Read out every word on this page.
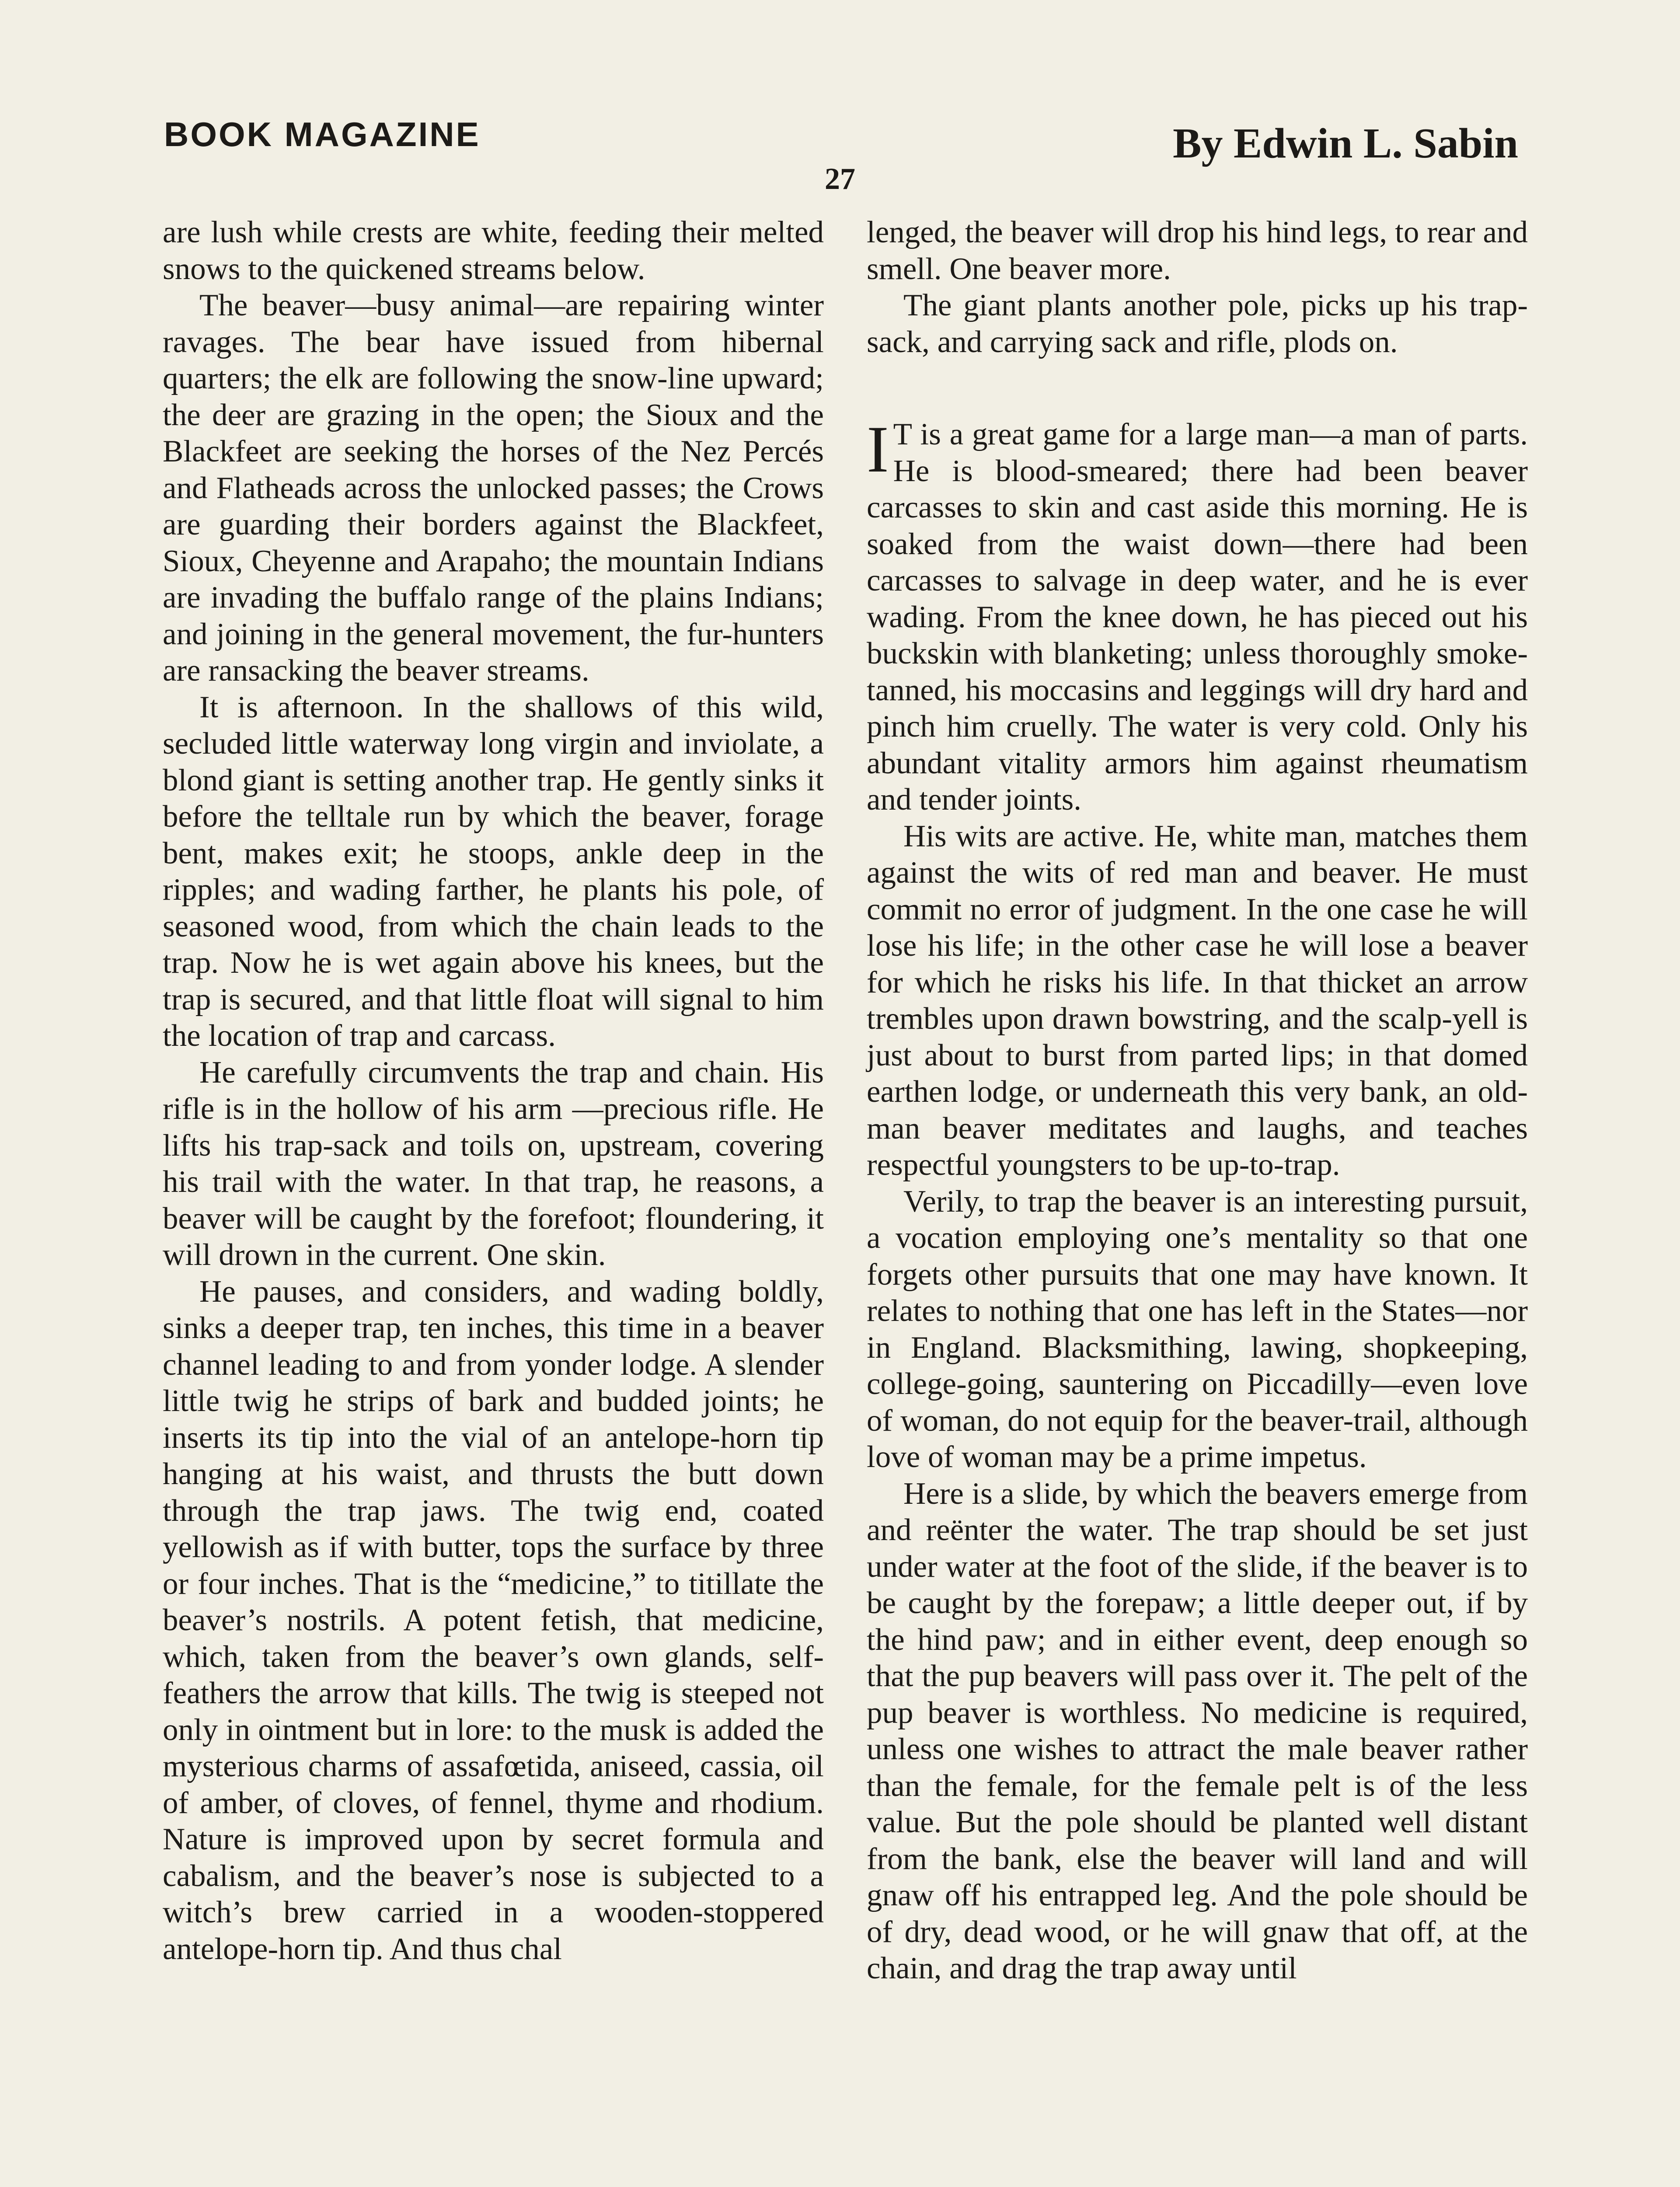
BOOK MAGAZINE	By Edwin L. Sabin
27

are lush while crests are white, feeding their melted snows to the quickened streams below.

The beaver—busy animal—are repairing winter ravages. The bear have issued from hibernal quarters; the elk are following the snow-line upward; the deer are grazing in the open; the Sioux and the Blackfeet are seeking the horses of the Nez Percés and Flatheads across the unlocked passes; the Crows are guarding their borders against the Blackfeet, Sioux, Cheyenne and Arapaho; the mountain Indians are invading the buffalo range of the plains Indians; and joining in the general movement, the fur-hunters are ransacking the beaver streams.

It is afternoon. In the shallows of this wild, secluded little waterway long virgin and inviolate, a blond giant is setting another trap. He gently sinks it before the telltale run by which the beaver, forage bent, makes exit; he stoops, ankle deep in the ripples; and wading farther, he plants his pole, of seasoned wood, from which the chain leads to the trap. Now he is wet again above his knees, but the trap is secured, and that little float will signal to him the location of trap and carcass.

He carefully circumvents the trap and chain. His rifle is in the hollow of his arm —precious rifle. He lifts his trap-sack and toils on, upstream, covering his trail with the water. In that trap, he reasons, a beaver will be caught by the forefoot; floundering, it will drown in the current. One skin.

He pauses, and considers, and wading boldly, sinks a deeper trap, ten inches, this time in a beaver channel leading to and from yonder lodge. A slender little twig he strips of bark and budded joints; he inserts its tip into the vial of an antelope-horn tip hanging at his waist, and thrusts the butt down through the trap jaws. The twig end, coated yellowish as if with butter, tops the surface by three or four inches. That is the “medicine,” to titillate the beaver’s nostrils. A potent fetish, that medicine, which, taken from the beaver’s own glands, self-feathers the arrow that kills. The twig is steeped not only in ointment but in lore: to the musk is added the mysterious charms of assafœtida, aniseed, cassia, oil of amber, of cloves, of fennel, thyme and rhodium. Nature is improved upon by secret formula and cabalism, and the beaver’s nose is subjected to a witch’s brew carried in a wooden-stoppered antelope-horn tip. And thus chal

lenged, the beaver will drop his hind legs, to rear and smell. One beaver more.

The giant plants another pole, picks up his trap-sack, and carrying sack and rifle, plods on.

I T is a great game for a large man—a man of parts. He is blood-smeared; there had been beaver carcasses to skin and cast aside this morning. He is soaked from the waist down—there had been carcasses to salvage in deep water, and he is ever wading. From the knee down, he has pieced out his buckskin with blanketing; unless thoroughly smoke-tanned, his moccasins and leggings will dry hard and pinch him cruelly. The water is very cold. Only his abundant vitality armors him against rheumatism and tender joints.

His wits are active. He, white man, matches them against the wits of red man and beaver. He must commit no error of judgment. In the one case he will lose his life; in the other case he will lose a beaver for which he risks his life. In that thicket an arrow trembles upon drawn bowstring, and the scalp-yell is just about to burst from parted lips; in that domed earthen lodge, or underneath this very bank, an old-man beaver meditates and laughs, and teaches respectful youngsters to be up-to-trap.

Verily, to trap the beaver is an interesting pursuit, a vocation employing one’s mentality so that one forgets other pursuits that one may have known. It relates to nothing that one has left in the States—nor in England. Blacksmithing, lawing, shopkeeping, college-going, sauntering on Piccadilly—even love of woman, do not equip for the beaver-trail, although love of woman may be a prime impetus.

Here is a slide, by which the beavers emerge from and reënter the water. The trap should be set just under water at the foot of the slide, if the beaver is to be caught by the forepaw; a little deeper out, if by the hind paw; and in either event, deep enough so that the pup beavers will pass over it. The pelt of the pup beaver is worthless. No medicine is required, unless one wishes to attract the male beaver rather than the female, for the female pelt is of the less value. But the pole should be planted well distant from the bank, else the beaver will land and will gnaw off his entrapped leg. And the pole should be of dry, dead wood, or he will gnaw that off, at the chain, and drag the trap away until
